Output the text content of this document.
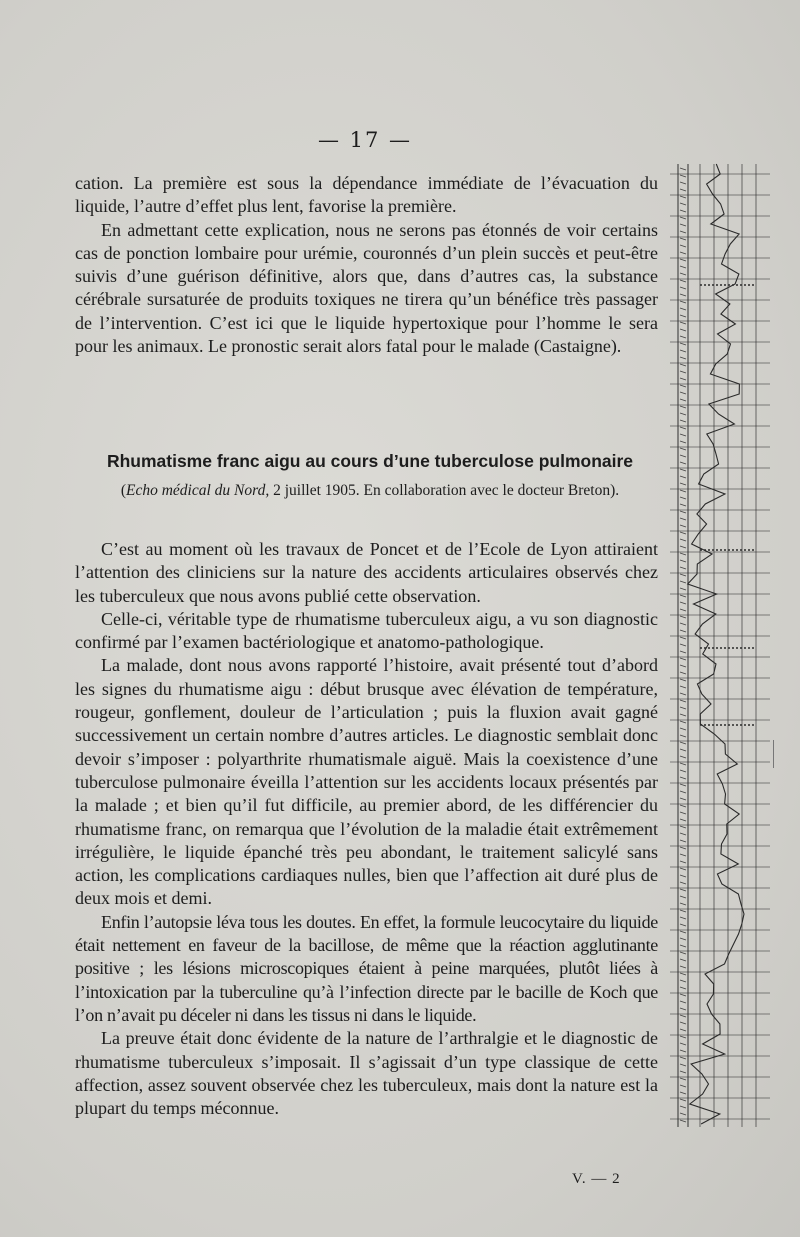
— 17 —

cation. La première est sous la dépendance immédiate de l’évacuation du liquide, l’autre d’effet plus lent, favorise la première.

En admettant cette explication, nous ne serons pas étonnés de voir certains cas de ponction lombaire pour urémie, couronnés d’un plein succès et peut-être suivis d’une guérison définitive, alors que, dans d’autres cas, la substance cérébrale sursaturée de produits toxiques ne tirera qu’un bénéfice très passager de l’intervention. C’est ici que le liquide hypertoxique pour l’homme le sera pour les animaux. Le pronostic serait alors fatal pour le malade (Castaigne).

Rhumatisme franc aigu au cours d’une tuberculose pulmonaire
(Echo médical du Nord, 2 juillet 1905. En collaboration avec le docteur Breton).

C’est au moment où les travaux de Poncet et de l’Ecole de Lyon attiraient l’attention des cliniciens sur la nature des accidents articulaires observés chez les tuberculeux que nous avons publié cette observation.

Celle-ci, véritable type de rhumatisme tuberculeux aigu, a vu son diagnostic confirmé par l’examen bactériologique et anatomo-pathologique.

La malade, dont nous avons rapporté l’histoire, avait présenté tout d’abord les signes du rhumatisme aigu : début brusque avec élévation de température, rougeur, gonflement, douleur de l’articulation ; puis la fluxion avait gagné successivement un certain nombre d’autres articles. Le diagnostic semblait donc devoir s’imposer : polyarthrite rhumatismale aiguë. Mais la coexistence d’une tuberculose pulmonaire éveilla l’attention sur les accidents locaux présentés par la malade ; et bien qu’il fut difficile, au premier abord, de les différencier du rhumatisme franc, on remarqua que l’évolution de la maladie était extrêmement irrégulière, le liquide épanché très peu abondant, le traitement salicylé sans action, les complications cardiaques nulles, bien que l’affection ait duré plus de deux mois et demi.

Enfin l’autopsie léva tous les doutes. En effet, la formule leucocytaire du liquide était nettement en faveur de la bacillose, de même que la réaction agglutinante positive ; les lésions microscopiques étaient à peine marquées, plutôt liées à l’intoxication par la tuberculine qu’à l’infection directe par le bacille de Koch que l’on n’avait pu déceler ni dans les tissus ni dans le liquide.

La preuve était donc évidente de la nature de l’arthralgie et le diagnostic de rhumatisme tuberculeux s’imposait. Il s’agissait d’un type classique de cette affection, assez souvent observée chez les tuberculeux, mais dont la nature est la plupart du temps méconnue.

V. — 2
